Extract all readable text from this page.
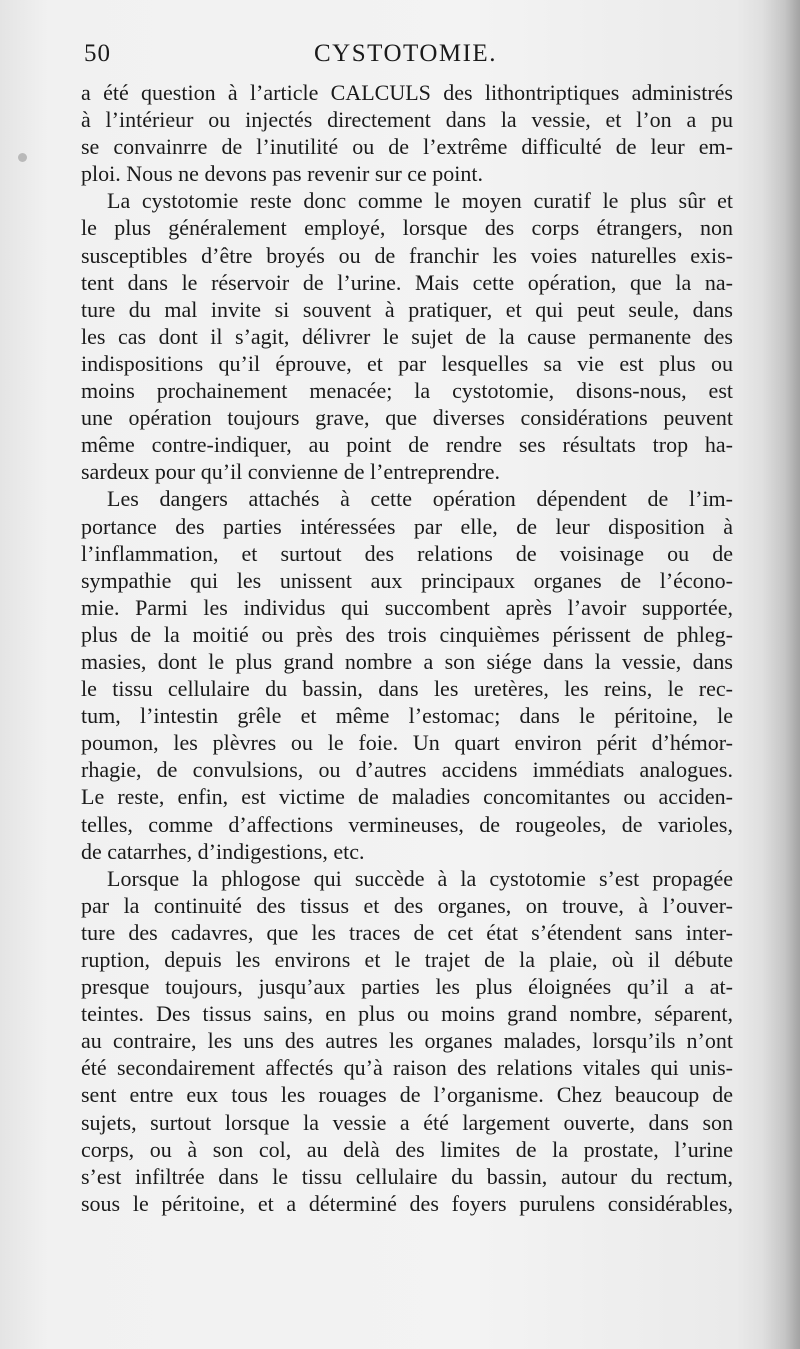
50	CYSTOTOMIE.
a été question à l’article CALCULS des lithontriptiques administrés
à l’intérieur ou injectés directement dans la vessie, et l’on a pu
se convainrre de l’inutilité ou de l’extrême difficulté de leur em-
ploi. Nous ne devons pas revenir sur ce point.
La cystotomie reste donc comme le moyen curatif le plus sûr et
le plus généralement employé, lorsque des corps étrangers, non
susceptibles d’être broyés ou de franchir les voies naturelles exis-
tent dans le réservoir de l’urine. Mais cette opération, que la na-
ture du mal invite si souvent à pratiquer, et qui peut seule, dans
les cas dont il s’agit, délivrer le sujet de la cause permanente des
indispositions qu’il éprouve, et par lesquelles sa vie est plus ou
moins prochainement menacée; la cystotomie, disons-nous, est
une opération toujours grave, que diverses considérations peuvent
même contre-indiquer, au point de rendre ses résultats trop ha-
sardeux pour qu’il convienne de l’entreprendre.
Les dangers attachés à cette opération dépendent de l’im-
portance des parties intéressées par elle, de leur disposition à
l’inflammation, et surtout des relations de voisinage ou de
sympathie qui les unissent aux principaux organes de l’écono-
mie. Parmi les individus qui succombent après l’avoir supportée,
plus de la moitié ou près des trois cinquièmes périssent de phleg-
masies, dont le plus grand nombre a son siége dans la vessie, dans
le tissu cellulaire du bassin, dans les uretères, les reins, le rec-
tum, l’intestin grêle et même l’estomac; dans le péritoine, le
poumon, les plèvres ou le foie. Un quart environ périt d’hémor-
rhagie, de convulsions, ou d’autres accidens immédiats analogues.
Le reste, enfin, est victime de maladies concomitantes ou acciden-
telles, comme d’affections vermineuses, de rougeoles, de varioles,
de catarrhes, d’indigestions, etc.
Lorsque la phlogose qui succède à la cystotomie s’est propagée
par la continuité des tissus et des organes, on trouve, à l’ouver-
ture des cadavres, que les traces de cet état s’étendent sans inter-
ruption, depuis les environs et le trajet de la plaie, où il débute
presque toujours, jusqu’aux parties les plus éloignées qu’il a at-
teintes. Des tissus sains, en plus ou moins grand nombre, séparent,
au contraire, les uns des autres les organes malades, lorsqu’ils n’ont
été secondairement affectés qu’à raison des relations vitales qui unis-
sent entre eux tous les rouages de l’organisme. Chez beaucoup de
sujets, surtout lorsque la vessie a été largement ouverte, dans son
corps, ou à son col, au delà des limites de la prostate, l’urine
s’est infiltrée dans le tissu cellulaire du bassin, autour du rectum,
sous le péritoine, et a déterminé des foyers purulens considérables,
